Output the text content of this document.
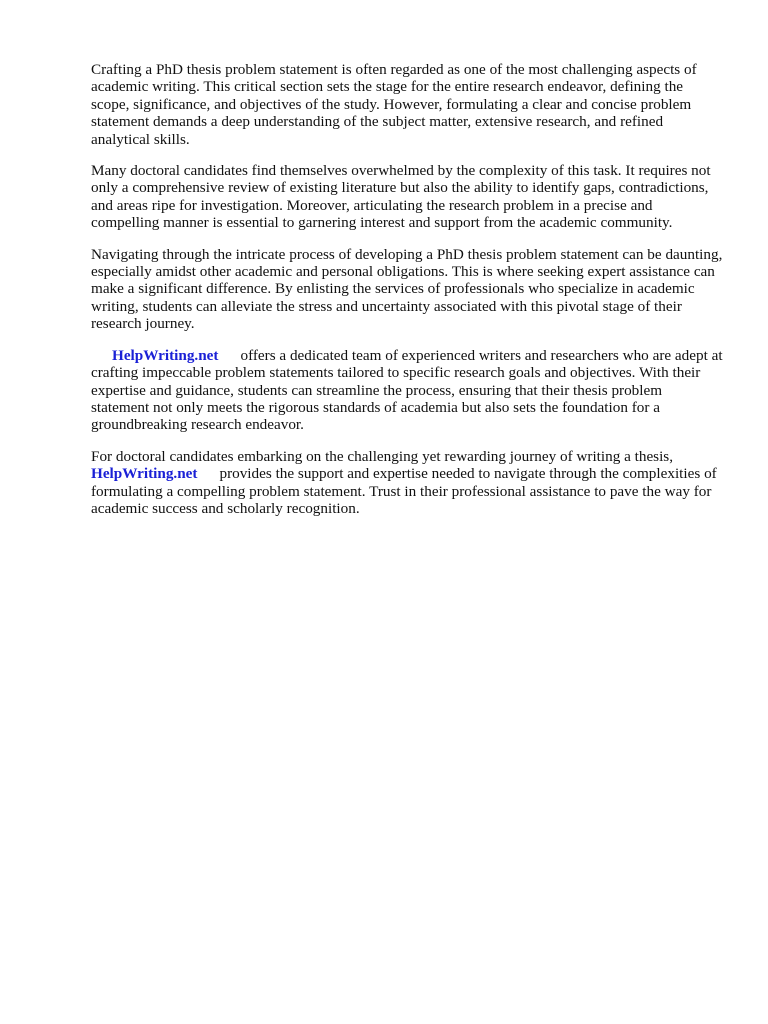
Crafting a PhD thesis problem statement is often regarded as one of the most challenging aspects of academic writing. This critical section sets the stage for the entire research endeavor, defining the scope, significance, and objectives of the study. However, formulating a clear and concise problem statement demands a deep understanding of the subject matter, extensive research, and refined analytical skills.

Many doctoral candidates find themselves overwhelmed by the complexity of this task. It requires not only a comprehensive review of existing literature but also the ability to identify gaps, contradictions, and areas ripe for investigation. Moreover, articulating the research problem in a precise and compelling manner is essential to garnering interest and support from the academic community.

Navigating through the intricate process of developing a PhD thesis problem statement can be daunting, especially amidst other academic and personal obligations. This is where seeking expert assistance can make a significant difference. By enlisting the services of professionals who specialize in academic writing, students can alleviate the stress and uncertainty associated with this pivotal stage of their research journey.

HelpWriting.net offers a dedicated team of experienced writers and researchers who are adept at crafting impeccable problem statements tailored to specific research goals and objectives. With their expertise and guidance, students can streamline the process, ensuring that their thesis problem statement not only meets the rigorous standards of academia but also sets the foundation for a groundbreaking research endeavor.

For doctoral candidates embarking on the challenging yet rewarding journey of writing a thesis, HelpWriting.net provides the support and expertise needed to navigate through the complexities of formulating a compelling problem statement. Trust in their professional assistance to pave the way for academic success and scholarly recognition.
